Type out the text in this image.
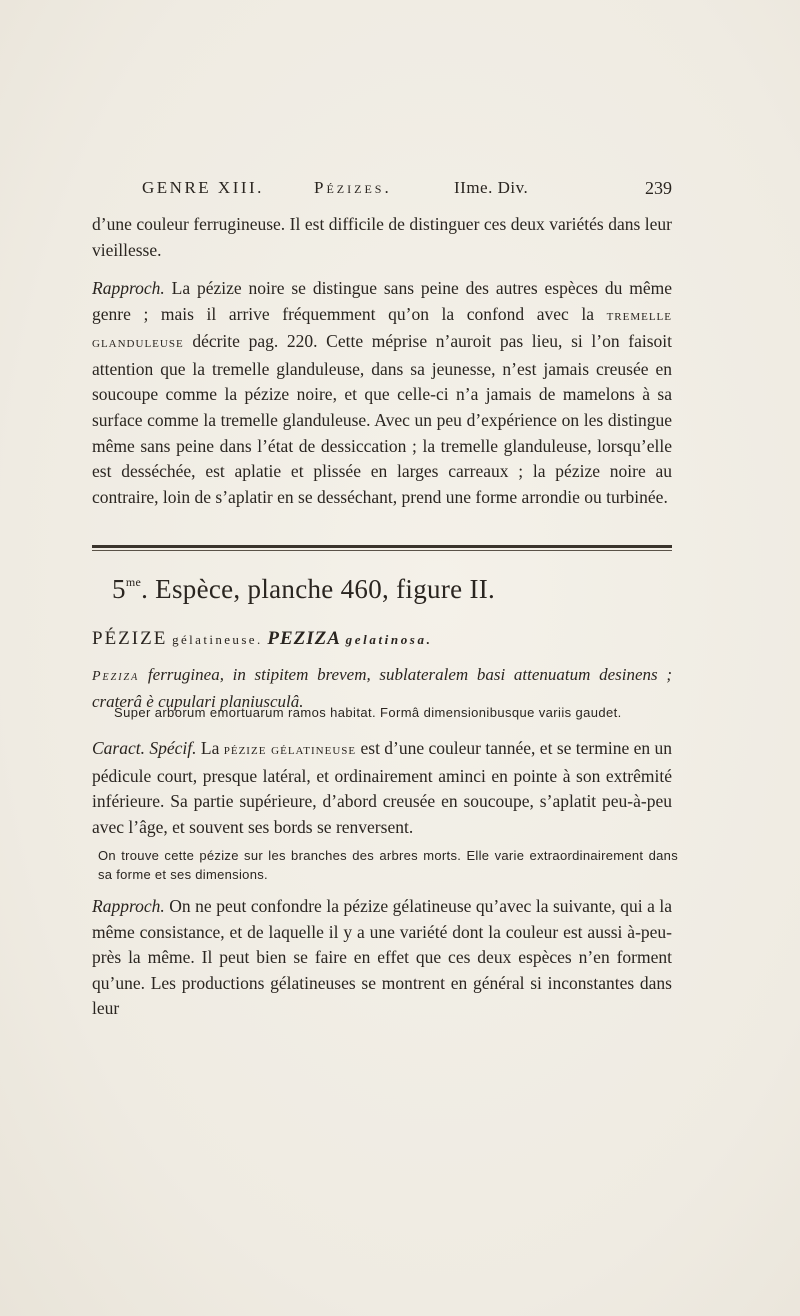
GENRE XIII.	Pézizes.	IIme. Div.	239

d’une couleur ferrugineuse. Il est difficile de distinguer ces deux variétés dans leur vieillesse.

Rapproch. La pézize noire se distingue sans peine des autres espèces du même genre ; mais il arrive fréquemment qu’on la confond avec la tremelle glanduleuse décrite pag. 220. Cette méprise n’auroit pas lieu, si l’on faisoit attention que la tremelle glanduleuse, dans sa jeunesse, n’est jamais creusée en soucoupe comme la pézize noire, et que celle-ci n’a jamais de mamelons à sa surface comme la tremelle glanduleuse. Avec un peu d’expérience on les distingue même sans peine dans l’état de dessiccation ; la tremelle glanduleuse, lorsqu’elle est desséchée, est aplatie et plissée en larges carreaux ; la pézize noire au contraire, loin de s’aplatir en se desséchant, prend une forme arrondie ou turbinée.

$5^{me}$. Espèce, planche 460, figure II.
PÉZIZE gélatineuse. PEZIZA gelatinosa.
Peziza ferruginea, in stipitem brevem, sublateralem basi attenuatum desinens ; craterâ è cupulari planiusculâ.
Super arborum emortuarum ramos habitat. Formâ dimensionibusque variis gaudet.

Caract. Spécif. La pézize gélatineuse est d’une couleur tannée, et se termine en un pédicule court, presque latéral, et ordinairement aminci en pointe à son extrêmité inférieure. Sa partie supérieure, d’abord creusée en soucoupe, s’aplatit peu-à-peu avec l’âge, et souvent ses bords se renversent.

On trouve cette pézize sur les branches des arbres morts. Elle varie extraordinairement dans sa forme et ses dimensions.

Rapproch. On ne peut confondre la pézize gélatineuse qu’avec la suivante, qui a la même consistance, et de laquelle il y a une variété dont la couleur est aussi à-peu-près la même. Il peut bien se faire en effet que ces deux espèces n’en forment qu’une. Les productions gélatineuses se montrent en général si inconstantes dans leur
